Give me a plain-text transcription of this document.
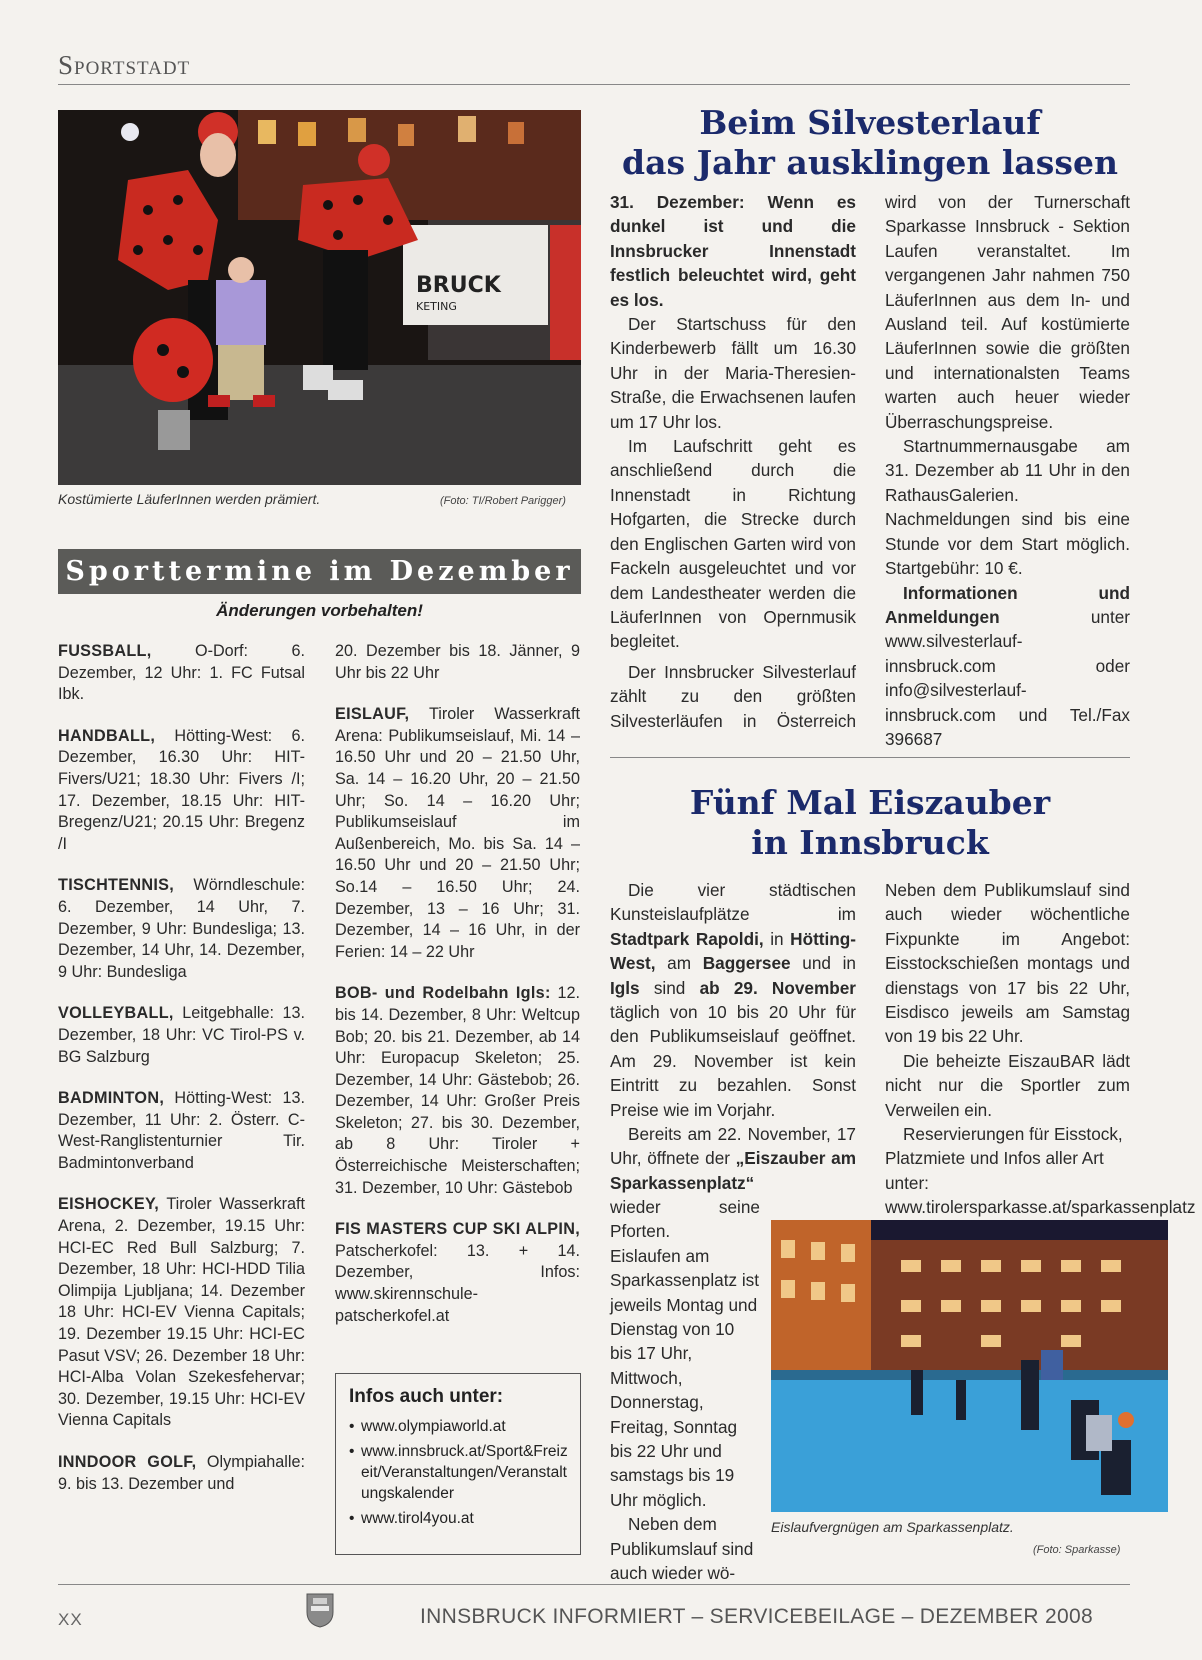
Sportstadt
BRUCK
KETING
Kostümierte LäuferInnen werden prämiert.	(Foto: TI/Robert Parigger)
Sporttermine im Dezember
Änderungen vorbehalten!

FUSSBALL, O-Dorf: 6. Dezember, 12 Uhr: 1. FC Futsal Ibk.

HANDBALL, Hötting-West: 6. Dezember, 16.30 Uhr: HIT-Fivers/U21; 18.30 Uhr: Fivers /I; 17. Dezember, 18.15 Uhr: HIT-Bregenz/U21; 20.15 Uhr: Bregenz /I

TISCHTENNIS, Wörndleschule: 6. Dezember, 14 Uhr, 7. Dezember, 9 Uhr: Bundesliga; 13. Dezember, 14 Uhr, 14. Dezember, 9 Uhr: Bundesliga

VOLLEYBALL, Leitgebhalle: 13. Dezember, 18 Uhr: VC Tirol-PS v. BG Salzburg

BADMINTON, Hötting-West: 13. Dezember, 11 Uhr: 2. Österr. C-West-Ranglistenturnier Tir. Badmintonverband

EISHOCKEY, Tiroler Wasserkraft Arena, 2. Dezember, 19.15 Uhr: HCI-EC Red Bull Salzburg; 7. Dezember, 18 Uhr: HCI-HDD Tilia Olimpija Ljubljana; 14. Dezember 18 Uhr: HCI-EV Vienna Capitals; 19. Dezember 19.15 Uhr: HCI-EC Pasut VSV; 26. Dezember 18 Uhr: HCI-Alba Volan Szekesfehervar; 30. Dezember, 19.15 Uhr: HCI-EV Vienna Capitals

INNDOOR GOLF, Olympiahalle: 9. bis 13. Dezember und

20. Dezember bis 18. Jänner, 9 Uhr bis 22 Uhr

EISLAUF, Tiroler Wasserkraft Arena: Publikumseislauf, Mi. 14 – 16.50 Uhr und 20 – 21.50 Uhr, Sa. 14 – 16.20 Uhr, 20 – 21.50 Uhr; So. 14 – 16.20 Uhr; Publikumseislauf im Außenbereich, Mo. bis Sa. 14 – 16.50 Uhr und 20 – 21.50 Uhr; So.14 – 16.50 Uhr; 24. Dezember, 13 – 16 Uhr; 31. Dezember, 14 – 16 Uhr, in der Ferien: 14 – 22 Uhr

BOB- und Rodelbahn Igls: 12. bis 14. Dezember, 8 Uhr: Weltcup Bob; 20. bis 21. Dezember, ab 14 Uhr: Europacup Skeleton; 25. Dezember, 14 Uhr: Gästebob; 26. Dezember, 14 Uhr: Großer Preis Skeleton; 27. bis 30. Dezember, ab 8 Uhr: Tiroler + Österreichische Meisterschaften; 31. Dezember, 10 Uhr: Gästebob

FIS MASTERS CUP SKI ALPIN, Patscherkofel: 13. + 14. Dezember, Infos: www.skirennschule-patscherkofel.at

Infos auch unter:
• www.olympiaworld.at
• www.innsbruck.at/Sport&Freizeit/Veranstaltungen/Veranstaltungskalender
• www.tirol4you.at
Beim Silvesterlauf
das Jahr ausklingen lassen

31. Dezember: Wenn es dunkel ist und die Innsbrucker Innenstadt festlich beleuchtet wird, geht es los.

Der Startschuss für den Kinderbewerb fällt um 16.30 Uhr in der Maria-Theresien-Straße, die Erwachsenen laufen um 17 Uhr los.

Im Laufschritt geht es anschließend durch die Innenstadt in Richtung Hofgarten, die Strecke durch den Englischen Garten wird von Fackeln ausgeleuchtet und vor dem Landestheater werden die LäuferInnen von Opernmusik begleitet.

Der Innsbrucker Silvesterlauf zählt zu den größten Silvesterläufen in Österreich

wird von der Turnerschaft Sparkasse Innsbruck - Sektion Laufen veranstaltet. Im vergangenen Jahr nahmen 750 LäuferInnen aus dem In- und Ausland teil. Auf kostümierte LäuferInnen sowie die größten und internationalsten Teams warten auch heuer wieder Überraschungspreise.

Startnummernausgabe am 31. Dezember ab 11 Uhr in den RathausGalerien. Nachmeldungen sind bis eine Stunde vor dem Start möglich. Startgebühr: 10 €.

Informationen und Anmeldungen unter www.silvesterlauf-innsbruck.com oder info@silvesterlauf-innsbruck.com und Tel./Fax 396687

Fünf Mal Eiszauber
in Innsbruck

Die vier städtischen Kunsteislaufplätze im Stadtpark Rapoldi, in Hötting-West, am Baggersee und in Igls sind ab 29. November täglich von 10 bis 20 Uhr für den Publikumseislauf geöffnet. Am 29. November ist kein Eintritt zu bezahlen. Sonst Preise wie im Vorjahr.

Bereits am 22. November, 17 Uhr, öffnete der „Eiszauber am Sparkassenplatz“

wieder seine Pforten.

Eislaufen am Sparkassenplatz ist jeweils Montag und Dienstag von 10 bis 17 Uhr, Mittwoch, Donnerstag, Freitag, Sonntag bis 22 Uhr und samstags bis 19 Uhr möglich.

Neben dem Publikumslauf sind auch wieder wö-

Neben dem Publikumslauf sind auch wieder wöchentliche Fixpunkte im Angebot: Eisstockschießen montags und dienstags von 17 bis 22 Uhr, Eisdisco jeweils am Samstag von 19 bis 22 Uhr.

Die beheizte EiszauBAR lädt nicht nur die Sportler zum Verweilen ein.

Reservierungen für Eisstock, Platzmiete und Infos aller Art unter: www.tirolersparkasse.at/sparkassenplatz

Eislaufvergnügen am Sparkassenplatz.
(Foto: Sparkasse)
XX	INNSBRUCK INFORMIERT – SERVICEBEILAGE – DEZEMBER 2008
